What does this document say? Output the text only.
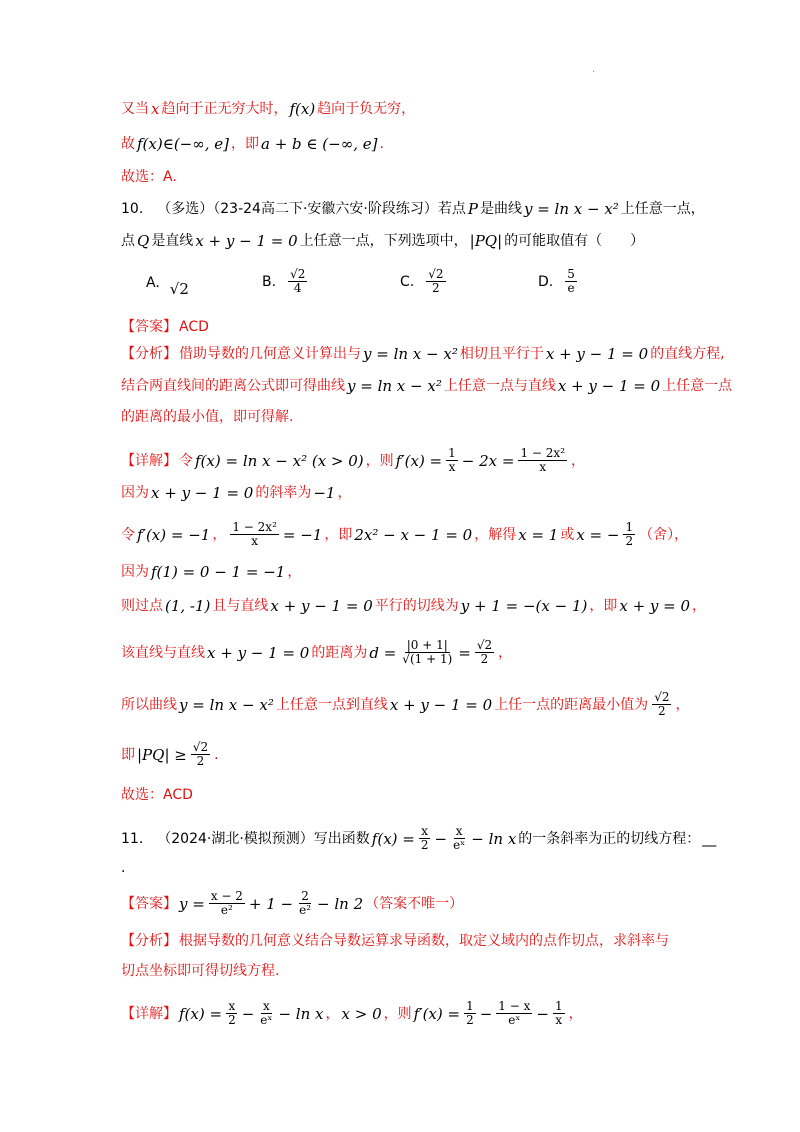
.
又当 x 趋向于正无穷大时， f(x) 趋向于负无穷，
故 f(x)∈(−∞, e] ，即 a + b ∈ (−∞, e] .
故选：A.
10. （多选）（23-24高二下·安徽六安·阶段练习）若点 P 是曲线 y = ln x − x² 上任意一点，
点 Q 是直线 x + y − 1 = 0 上任意一点，下列选项中， |PQ| 的可能取值有（　　）
A. √2	B. $\frac{√2}{4}$	C. $\frac{√2}{2}$	D. $\frac{5}{e}$
【答案】 ACD
【分析】 借助导数的几何意义计算出与 y = ln x − x² 相切且平行于 x + y − 1 = 0 的直线方程,
结合两直线间的距离公式即可得曲线 y = ln x − x² 上任意一点与直线 x + y − 1 = 0 上任意一点
的距离的最小值，即可得解.
【详解】 令 f(x) = ln x − x² (x > 0) ，则 $f'(x) = \frac{1}{x} - 2x = \frac{\text{1 − 2x²}}{x}$ ，
因为 x + y − 1 = 0 的斜率为 −1 ，
令 f′(x) = −1 ， $\frac{\text{1 − 2x²}}{x} = -1$ ，即 2x² − x − 1 = 0 ，解得 x = 1 或 x = − $\frac{1}{2}$ （舍），
因为 f(1) = 0 − 1 = −1 ，
则过点 (1, -1) 且与直线 x + y − 1 = 0 平行的切线为 y + 1 = −(x − 1) ，即 x + y = 0 ，
该直线与直线 x + y − 1 = 0 的距离为 $d = \frac{|0 + 1|}{√(1 + 1)} = \frac{√2}{2}$ ，
所以曲线 y = ln x − x² 上任意一点到直线 x + y − 1 = 0 上任一点的距离最小值为 $\frac{√2}{2}$ ，
即 $|PQ| \ge \frac{√2}{2}$ .
故选：ACD
11. （2024·湖北·模拟预测）写出函数 $f(x) = \frac{x}{2} - \frac{x}{\text{eˣ}} - \ln x$ 的一条斜率为正的切线方程： __
.
【答案】 $y = \frac{x - 2}{\text{e²}} + 1 - \frac{2}{\text{e²}} - \ln 2$ （答案不唯一）
【分析】 根据导数的几何意义结合导数运算求导函数，取定义域内的点作切点，求斜率与
切点坐标即可得切线方程.
【详解】 $f(x) = \frac{x}{2} - \frac{x}{\text{eˣ}} - \ln x$ ， x > 0 ，则 $f'(x) = \frac{1}{2} - \frac{1 - x}{\text{eˣ}} - \frac{1}{x}$ ，
